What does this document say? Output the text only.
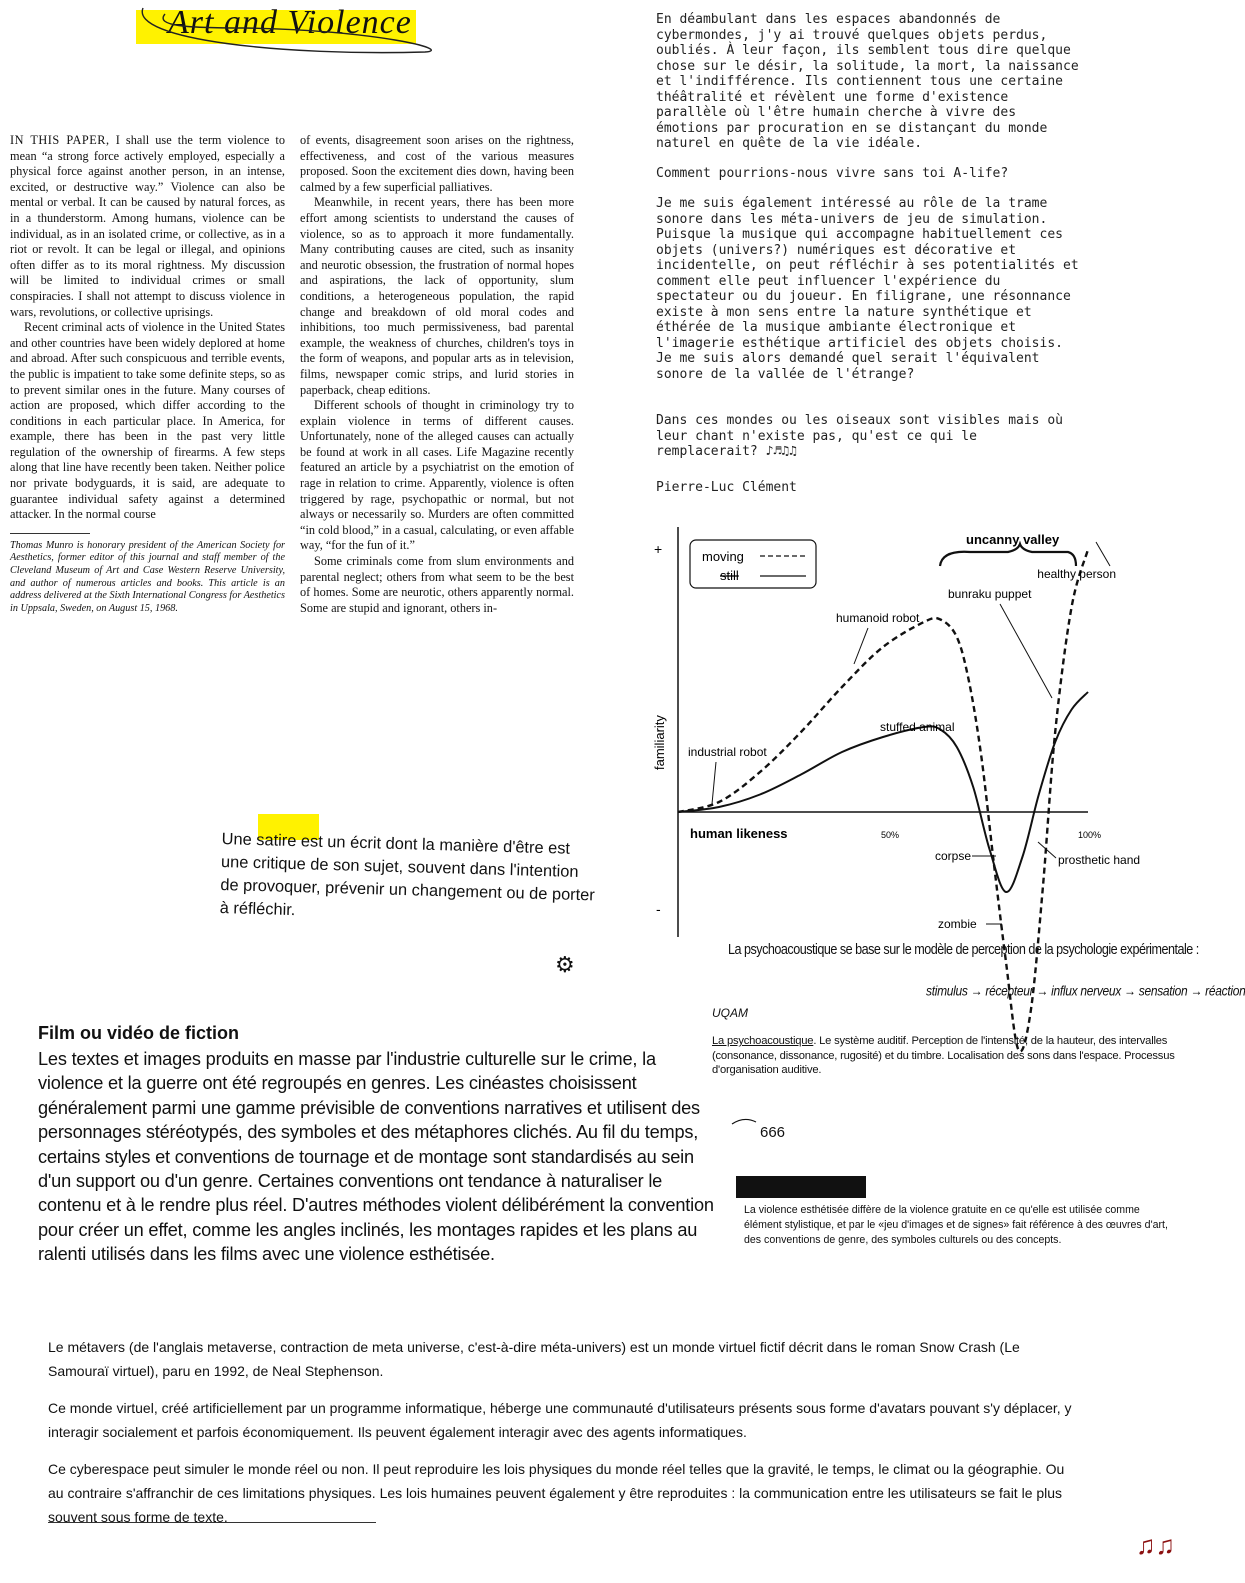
Art and Violence

IN THIS PAPER, I shall use the term violence to mean “a strong force actively employed, especially a physical force against another person, in an intense, excited, or destructive way.” Violence can also be mental or verbal. It can be caused by natural forces, as in a thunderstorm. Among humans, violence can be individual, as in an isolated crime, or collective, as in a riot or revolt. It can be legal or illegal, and opinions often differ as to its moral rightness. My discussion will be limited to individual crimes or small conspiracies. I shall not attempt to discuss violence in wars, revolutions, or collective uprisings.

Recent criminal acts of violence in the United States and other countries have been widely deplored at home and abroad. After such conspicuous and terrible events, the public is impatient to take some definite steps, so as to prevent similar ones in the future. Many courses of action are proposed, which differ according to the conditions in each particular place. In America, for example, there has been in the past very little regulation of the ownership of firearms. A few steps along that line have recently been taken. Neither police nor private bodyguards, it is said, are adequate to guarantee individual safety against a determined attacker. In the normal course

Thomas Munro is honorary president of the American Society for Aesthetics, former editor of this journal and staff member of the Cleveland Museum of Art and Case Western Reserve University, and author of numerous articles and books. This article is an address delivered at the Sixth International Congress for Aesthetics in Uppsala, Sweden, on August 15, 1968.

of events, disagreement soon arises on the rightness, effectiveness, and cost of the various measures proposed. Soon the excitement dies down, having been calmed by a few superficial palliatives.

Meanwhile, in recent years, there has been more effort among scientists to understand the causes of violence, so as to approach it more fundamentally. Many contributing causes are cited, such as insanity and neurotic obsession, the frustration of normal hopes and aspirations, the lack of opportunity, slum conditions, a heterogeneous population, the rapid change and breakdown of old moral codes and inhibitions, too much permissiveness, bad parental example, the weakness of churches, children's toys in the form of weapons, and popular arts as in television, films, newspaper comic strips, and lurid stories in paperback, cheap editions.

Different schools of thought in criminology try to explain violence in terms of different causes. Unfortunately, none of the alleged causes can actually be found at work in all cases. Life Magazine recently featured an article by a psychiatrist on the emotion of rage in relation to crime. Apparently, violence is often triggered by rage, psychopathic or normal, but not always or necessarily so. Murders are often committed “in cold blood,” in a casual, calculating, or even affable way, “for the fun of it.”

Some criminals come from slum environments and parental neglect; others from what seem to be the best of homes. Some are neurotic, others apparently normal. Some are stupid and ignorant, others in-

En déambulant dans les espaces abandonnés de
cybermondes, j'y ai trouvé quelques objets perdus,
oubliés. À leur façon, ils semblent tous dire quelque
chose sur le désir, la solitude, la mort, la naissance
et l'indifférence. Ils contiennent tous une certaine
théâtralité et révèlent une forme d'existence
parallèle où l'être humain cherche à vivre des
émotions par procuration en se distançant du monde
naturel en quête de la vie idéale.
Comment pourrions-nous vivre sans toi A-life?
Je me suis également intéressé au rôle de la trame
sonore dans les méta-univers de jeu de simulation.
Puisque la musique qui accompagne habituellement ces
objets (univers?) numériques est décorative et
incidentelle, on peut réfléchir à ses potentialités et
comment elle peut influencer l'expérience du
spectateur ou du joueur. En filigrane, une résonnance
existe à mon sens entre la nature synthétique et
éthérée de la musique ambiante électronique et
l'imagerie esthétique artificiel des objets choisis.
Je me suis alors demandé quel serait l'équivalent
sonore de la vallée de l'étrange?
Dans ces mondes ou les oiseaux sont visibles mais où
leur chant n'existe pas, qu'est ce qui le
remplacerait? ♪♬♫♫
Pierre-Luc Clément
+
-
familiarity
human likeness	50%	100%
moving
still
uncanny valley
healthy person
bunraku puppet
humanoid robot
stuffed animal
industrial robot
corpse	prosthetic hand
zombie
Une satire est un écrit dont la manière d'être est une critique de son sujet, souvent dans l'intention de provoquer, prévenir un changement ou de porter à réfléchir.
⚙
La psychoacoustique se base sur le modèle de perception de la psychologie expérimentale :
stimulus → récepteur → influx nerveux → sensation → réaction
UQAM
La psychoacoustique. Le système auditif. Perception de l'intensité, de la hauteur, des intervalles (consonance, dissonance, rugosité) et du timbre. Localisation des sons dans l'espace. Processus d'organisation auditive.
Film ou vidéo de fiction
Les textes et images produits en masse par l'industrie culturelle sur le crime, la violence et la guerre ont été regroupés en genres. Les cinéastes choisissent généralement parmi une gamme prévisible de conventions narratives et utilisent des personnages stéréotypés, des symboles et des métaphores clichés. Au fil du temps, certains styles et conventions de tournage et de montage sont standardisés au sein d'un support ou d'un genre. Certaines conventions ont tendance à naturaliser le contenu et à le rendre plus réel. D'autres méthodes violent délibérément la convention pour créer un effet, comme les angles inclinés, les montages rapides et les plans au ralenti utilisés dans les films avec une violence esthétisée.
666
La violence esthétisée diffère de la violence gratuite en ce qu'elle est utilisée comme élément stylistique, et par le «jeu d'images et de signes» fait référence à des œuvres d'art, des conventions de genre, des symboles culturels ou des concepts.

Le métavers (de l'anglais metaverse, contraction de meta universe, c'est-à-dire méta-univers) est un monde virtuel fictif décrit dans le roman Snow Crash (Le Samouraï virtuel), paru en 1992, de Neal Stephenson.

Ce monde virtuel, créé artificiellement par un programme informatique, héberge une communauté d'utilisateurs présents sous forme d'avatars pouvant s'y déplacer, y interagir socialement et parfois économiquement. Ils peuvent également interagir avec des agents informatiques.

Ce cyberespace peut simuler le monde réel ou non. Il peut reproduire les lois physiques du monde réel telles que la gravité, le temps, le climat ou la géographie. Ou au contraire s'affranchir de ces limitations physiques. Les lois humaines peuvent également y être reproduites : la communication entre les utilisateurs se fait le plus souvent sous forme de texte.

♫♫
